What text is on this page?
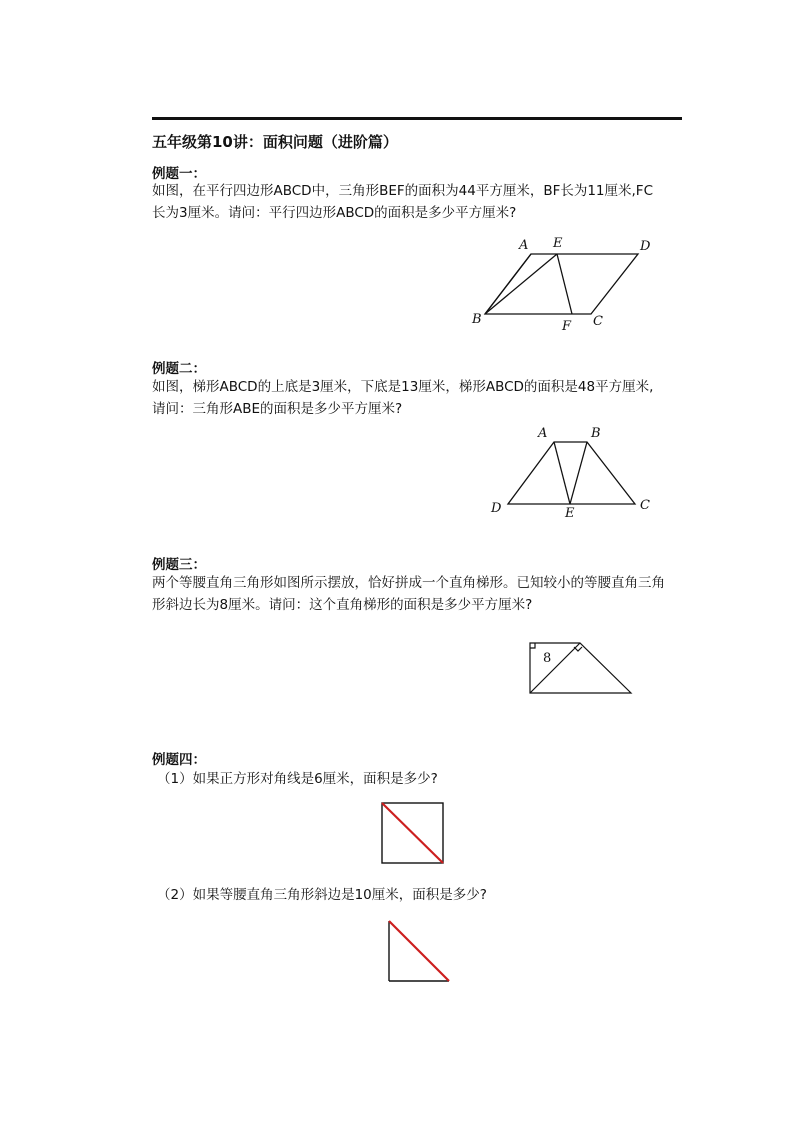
五年级第10讲：面积问题（进阶篇）
例题一：
如图，在平行四边形ABCD中，三角形BEF的面积为44平方厘米，BF长为11厘米,FC
长为3厘米。请问：平行四边形ABCD的面积是多少平方厘米?
例题二：
如图，梯形ABCD的上底是3厘米，下底是13厘米，梯形ABCD的面积是48平方厘米,
请问：三角形ABE的面积是多少平方厘米?
例题三：
两个等腰直角三角形如图所示摆放，恰好拼成一个直角梯形。已知较小的等腰直角三角
形斜边长为8厘米。请问：这个直角梯形的面积是多少平方厘米?
例题四：
（1）如果正方形对角线是6厘米，面积是多少?
（2）如果等腰直角三角形斜边是10厘米，面积是多少?
A E	D
B	F C
A	B
D	E
C
8
